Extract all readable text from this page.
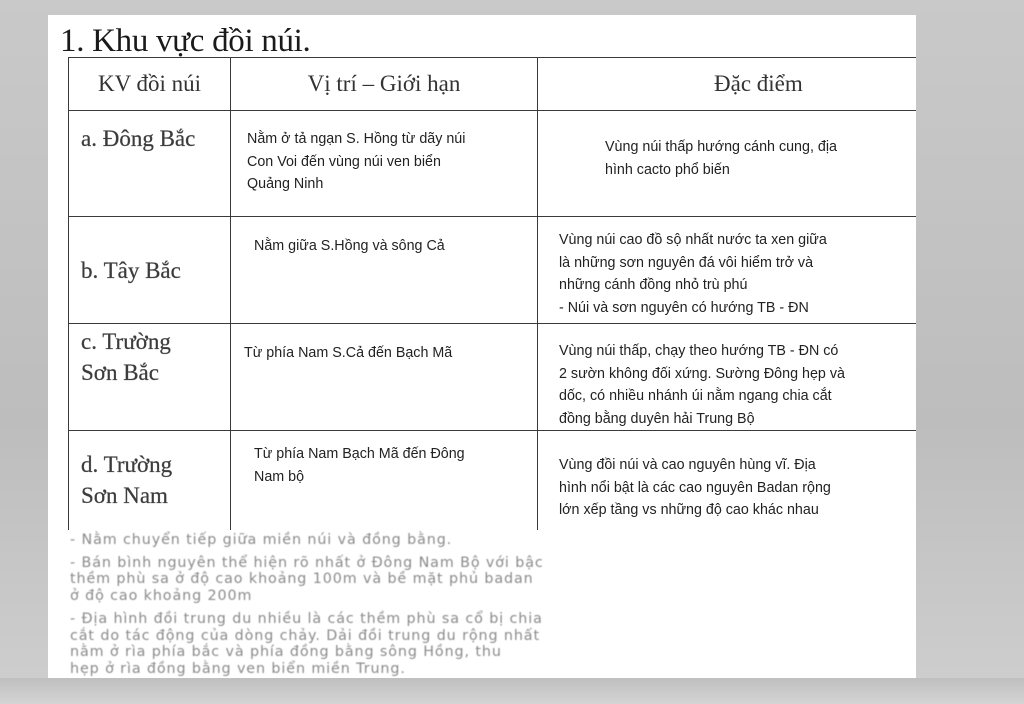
1. Khu vực đồi núi.
KV đồi núi	Vị trí – Giới hạn	Đặc điểm

a. Đông Bắc	Nằm ở tả ngạn S. Hồng từ dãy núi
Con Voi đến vùng núi ven biển
Quảng Ninh	Vùng núi thấp hướng cánh cung, địa
hình cacto phổ biến

b. Tây Bắc	Nằm giữa S.Hồng và sông Cả	Vùng núi cao đồ sộ nhất nước ta xen giữa
là những sơn nguyên đá vôi hiểm trở và
những cánh đồng nhỏ trù phú
- Núi và sơn nguyên có hướng TB - ĐN

c. Trường
Sơn Bắc	Từ phía Nam S.Cả đến Bạch Mã	Vùng núi thấp, chạy theo hướng TB - ĐN có
2 sườn không đối xứng. Sường Đông hẹp và
dốc, có nhiều nhánh úi nằm ngang chia cắt
đồng bằng duyên hải Trung Bộ

d. Trường
Sơn Nam	Từ phía Nam Bạch Mã đến Đông
Nam bộ	Vùng đồi núi và cao nguyên hùng vĩ. Địa
hình nổi bật là các cao nguyên Badan rộng
lớn xếp tầng vs những độ cao khác nhau
- Nằm chuyển tiếp giữa miền núi và đồng bằng.
- Bán bình nguyên thể hiện rõ nhất ở Đông Nam Bộ với bậc
thềm phù sa ở độ cao khoảng 100m và bề mặt phủ badan
ở độ cao khoảng 200m
- Địa hình đồi trung du nhiều là các thềm phù sa cổ bị chia
cắt do tác động của dòng chảy. Dải đồi trung du rộng nhất
nằm ở rìa phía bắc và phía đồng bằng sông Hồng, thu
hẹp ở rìa đồng bằng ven biển miền Trung.
